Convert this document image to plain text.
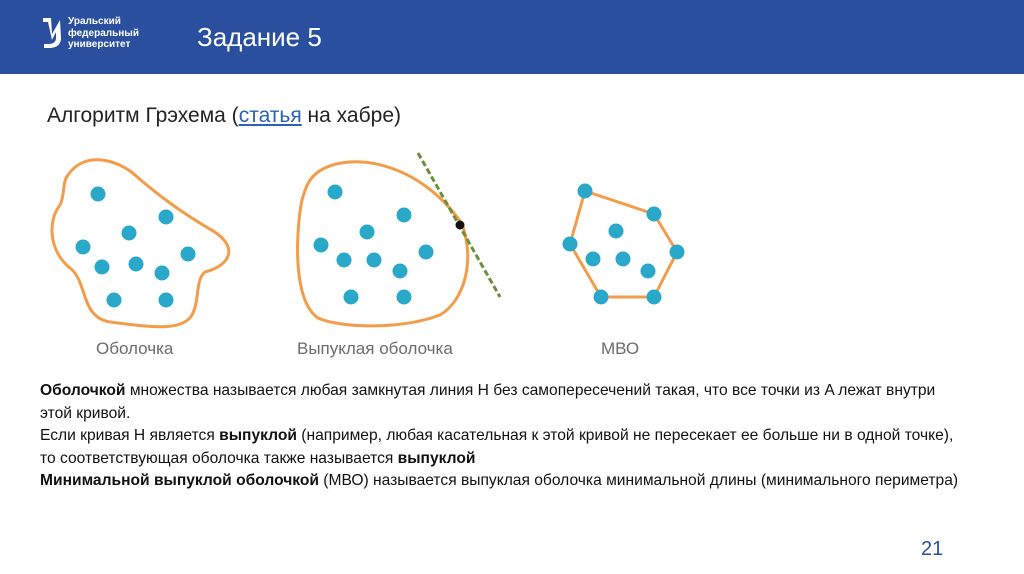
Уральский
федеральный
университет	Задание 5
Алгоритм Грэхема (статья на хабре)
Оболочка	Выпуклая оболочка	МВО

Оболочкой множества называется любая замкнутая линия H без самопересечений такая, что все точки из A лежат внутри этой кривой.

Если кривая H является выпуклой (например, любая касательная к этой кривой не пересекает ее больше ни в одной точке), то соответствующая оболочка также называется выпуклой

Минимальной выпуклой оболочкой (МВО) называется выпуклая оболочка минимальной длины (минимального периметра)

21
